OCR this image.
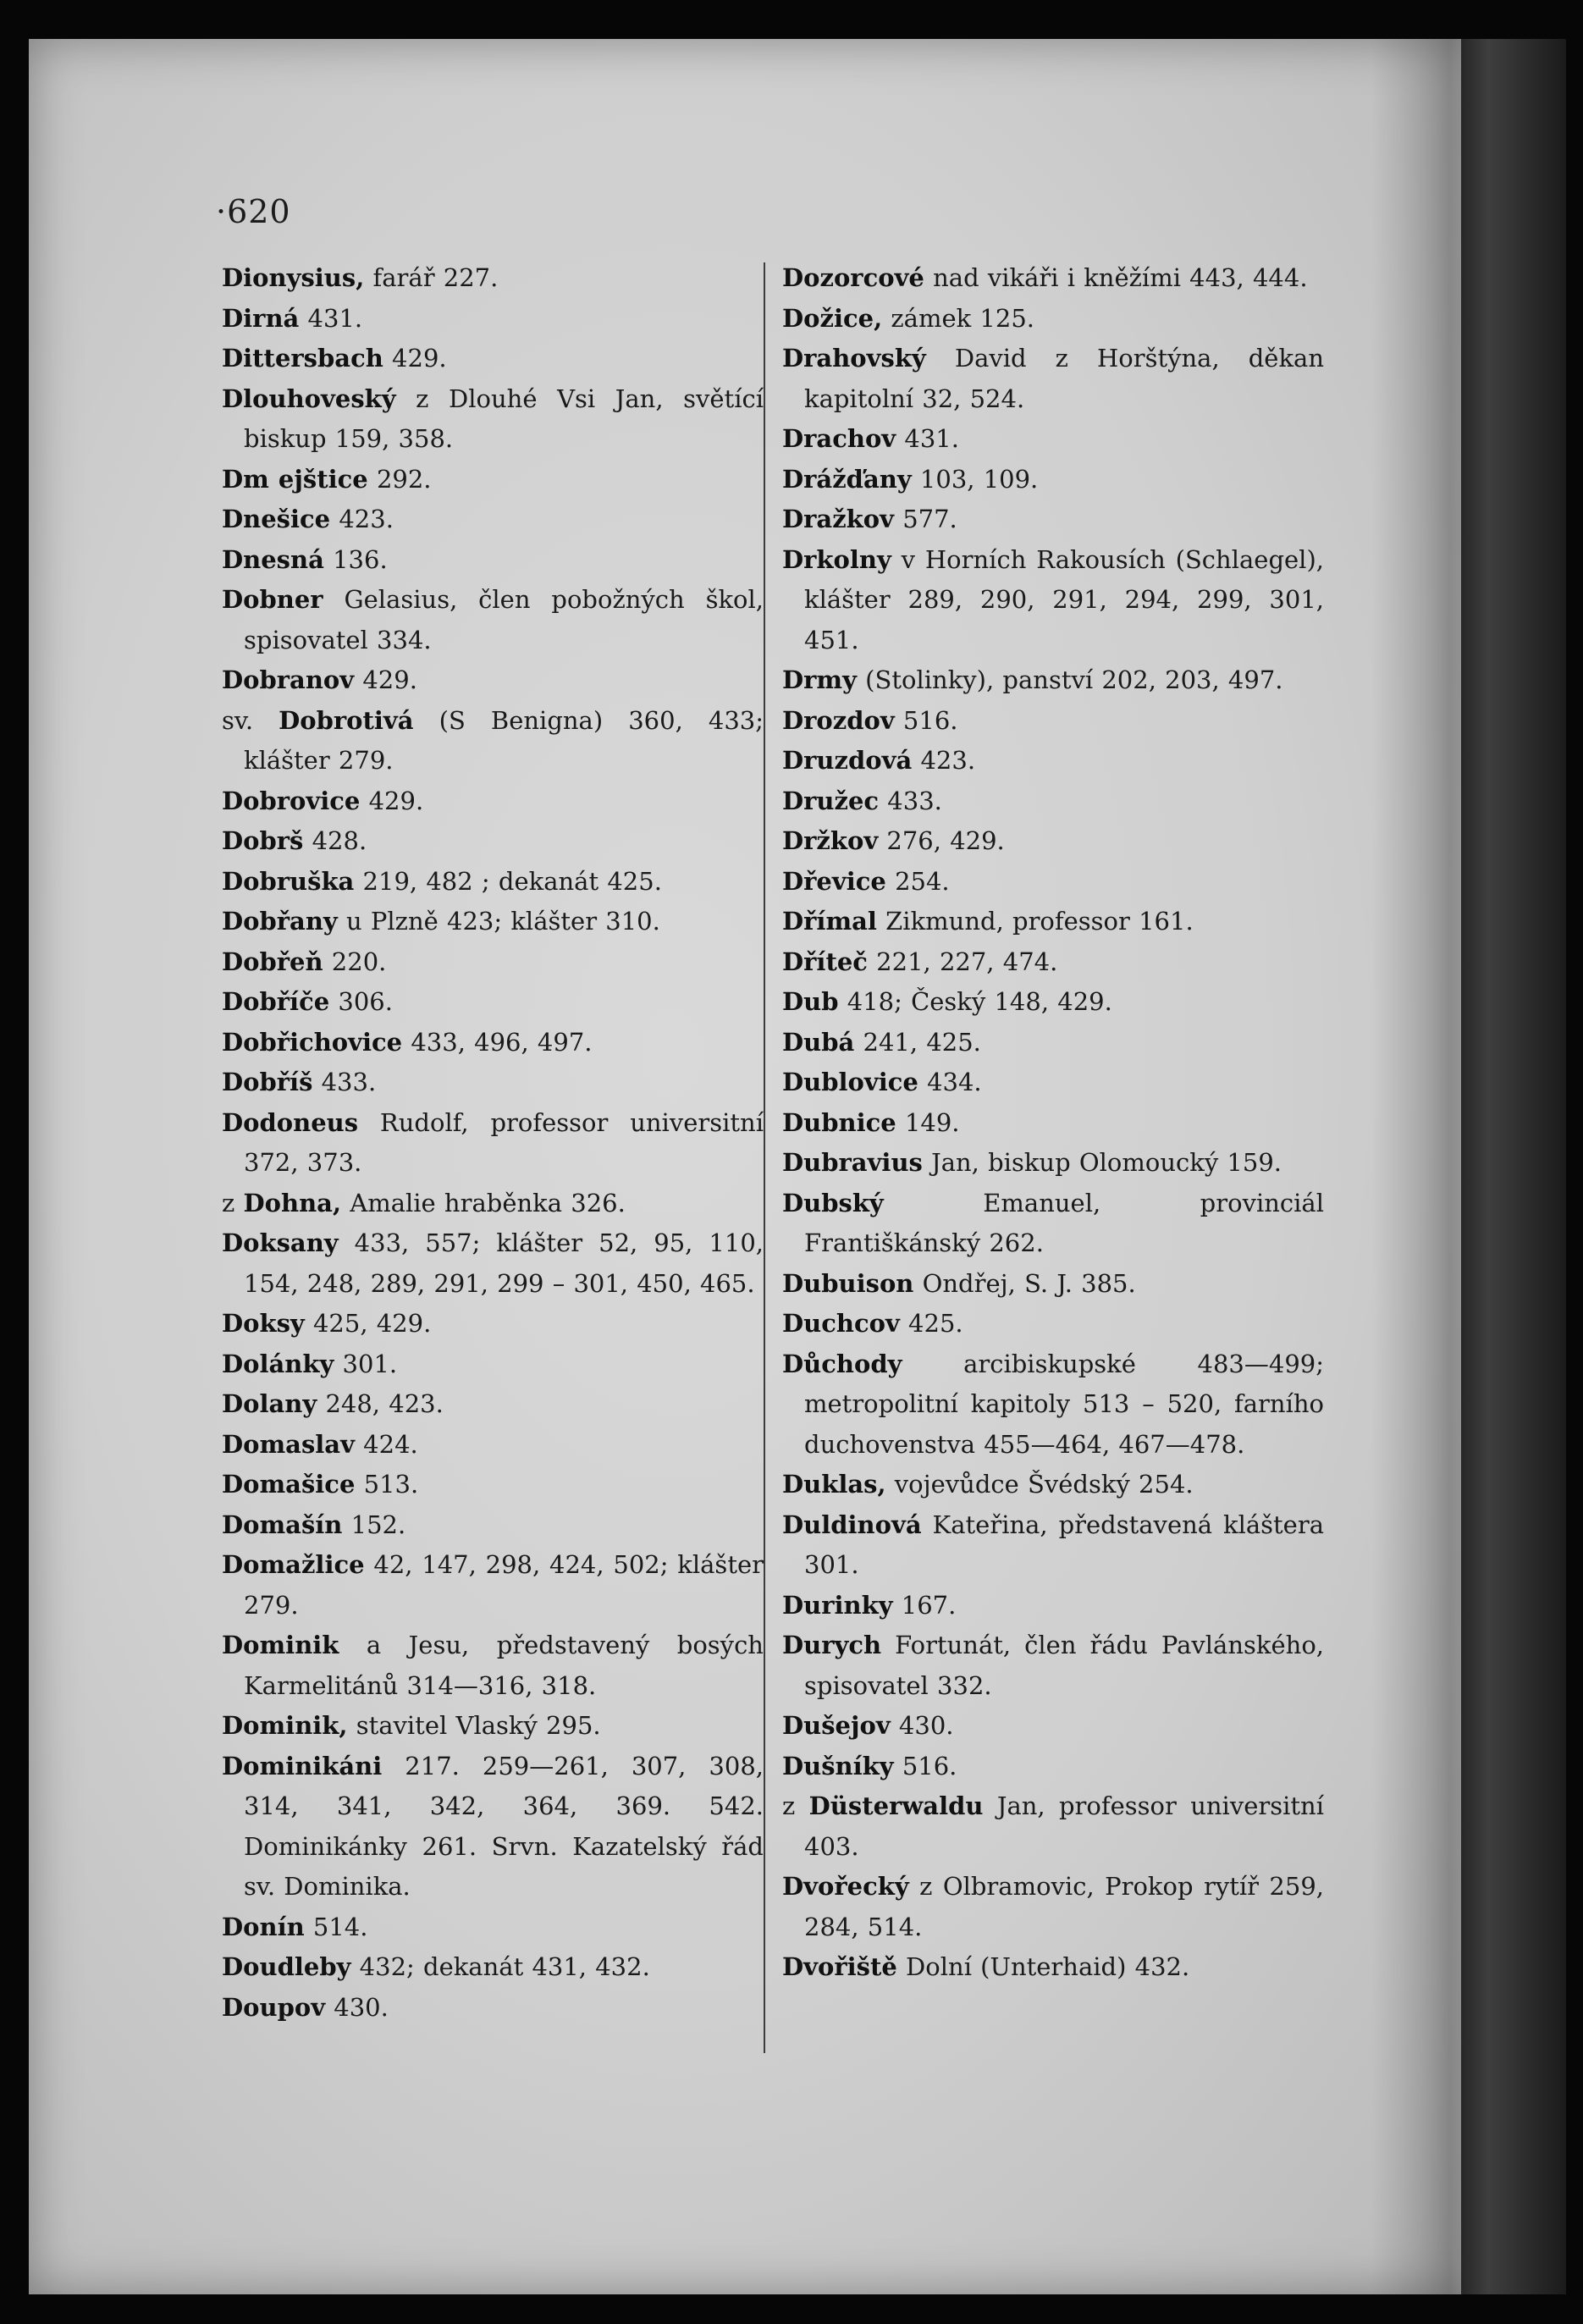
·620
Dionysius, farář 227.
Dirná 431.
Dittersbach 429.
Dlouhoveský z Dlouhé Vsi Jan, světící biskup 159, 358.
Dm ejštice 292.
Dnešice 423.
Dnesná 136.
Dobner Gelasius, člen pobožných škol, spisovatel 334.
Dobranov 429.
sv. Dobrotivá (S Benigna) 360, 433; klášter 279.
Dobrovice 429.
Dobrš 428.
Dobruška 219, 482 ; dekanát 425.
Dobřany u Plzně 423; klášter 310.
Dobřeň 220.
Dobříče 306.
Dobřichovice 433, 496, 497.
Dobříš 433.
Dodoneus Rudolf, professor universitní 372, 373.
z Dohna, Amalie hraběnka 326.
Doksany 433, 557; klášter 52, 95, 110, 154, 248, 289, 291, 299 – 301, 450, 465.
Doksy 425, 429.
Dolánky 301.
Dolany 248, 423.
Domaslav 424.
Domašice 513.
Domašín 152.
Domažlice 42, 147, 298, 424, 502; klášter 279.
Dominik a Jesu, představený bosých Karmelitánů 314—316, 318.
Dominik, stavitel Vlaský 295.
Dominikáni 217. 259—261, 307, 308, 314, 341, 342, 364, 369. 542. Dominikánky 261. Srvn. Kazatelský řád sv. Dominika.
Donín 514.
Doudleby 432; dekanát 431, 432.
Doupov 430.
Dozorcové nad vikáři i kněžími 443, 444.
Dožice, zámek 125.
Drahovský David z Horštýna, děkan kapitolní 32, 524.
Drachov 431.
Drážďany 103, 109.
Dražkov 577.
Drkolny v Horních Rakousích (Schlaegel), klášter 289, 290, 291, 294, 299, 301, 451.
Drmy (Stolinky), panství 202, 203, 497.
Drozdov 516.
Druzdová 423.
Družec 433.
Držkov 276, 429.
Dřevice 254.
Dřímal Zikmund, professor 161.
Dříteč 221, 227, 474.
Dub 418; Český 148, 429.
Dubá 241, 425.
Dublovice 434.
Dubnice 149.
Dubravius Jan, biskup Olomoucký 159.
Dubský Emanuel, provinciál Františkánský 262.
Dubuison Ondřej, S. J. 385.
Duchcov 425.
Důchody arcibiskupské 483—499; metropolitní kapitoly 513 – 520, farního duchovenstva 455—464, 467—478.
Duklas, vojevůdce Švédský 254.
Duldinová Kateřina, představená kláštera 301.
Durinky 167.
Durych Fortunát, člen řádu Pavlánského, spisovatel 332.
Dušejov 430.
Dušníky 516.
z Düsterwaldu Jan, professor universitní 403.
Dvořecký z Olbramovic, Prokop rytíř 259, 284, 514.
Dvořiště Dolní (Unterhaid) 432.
